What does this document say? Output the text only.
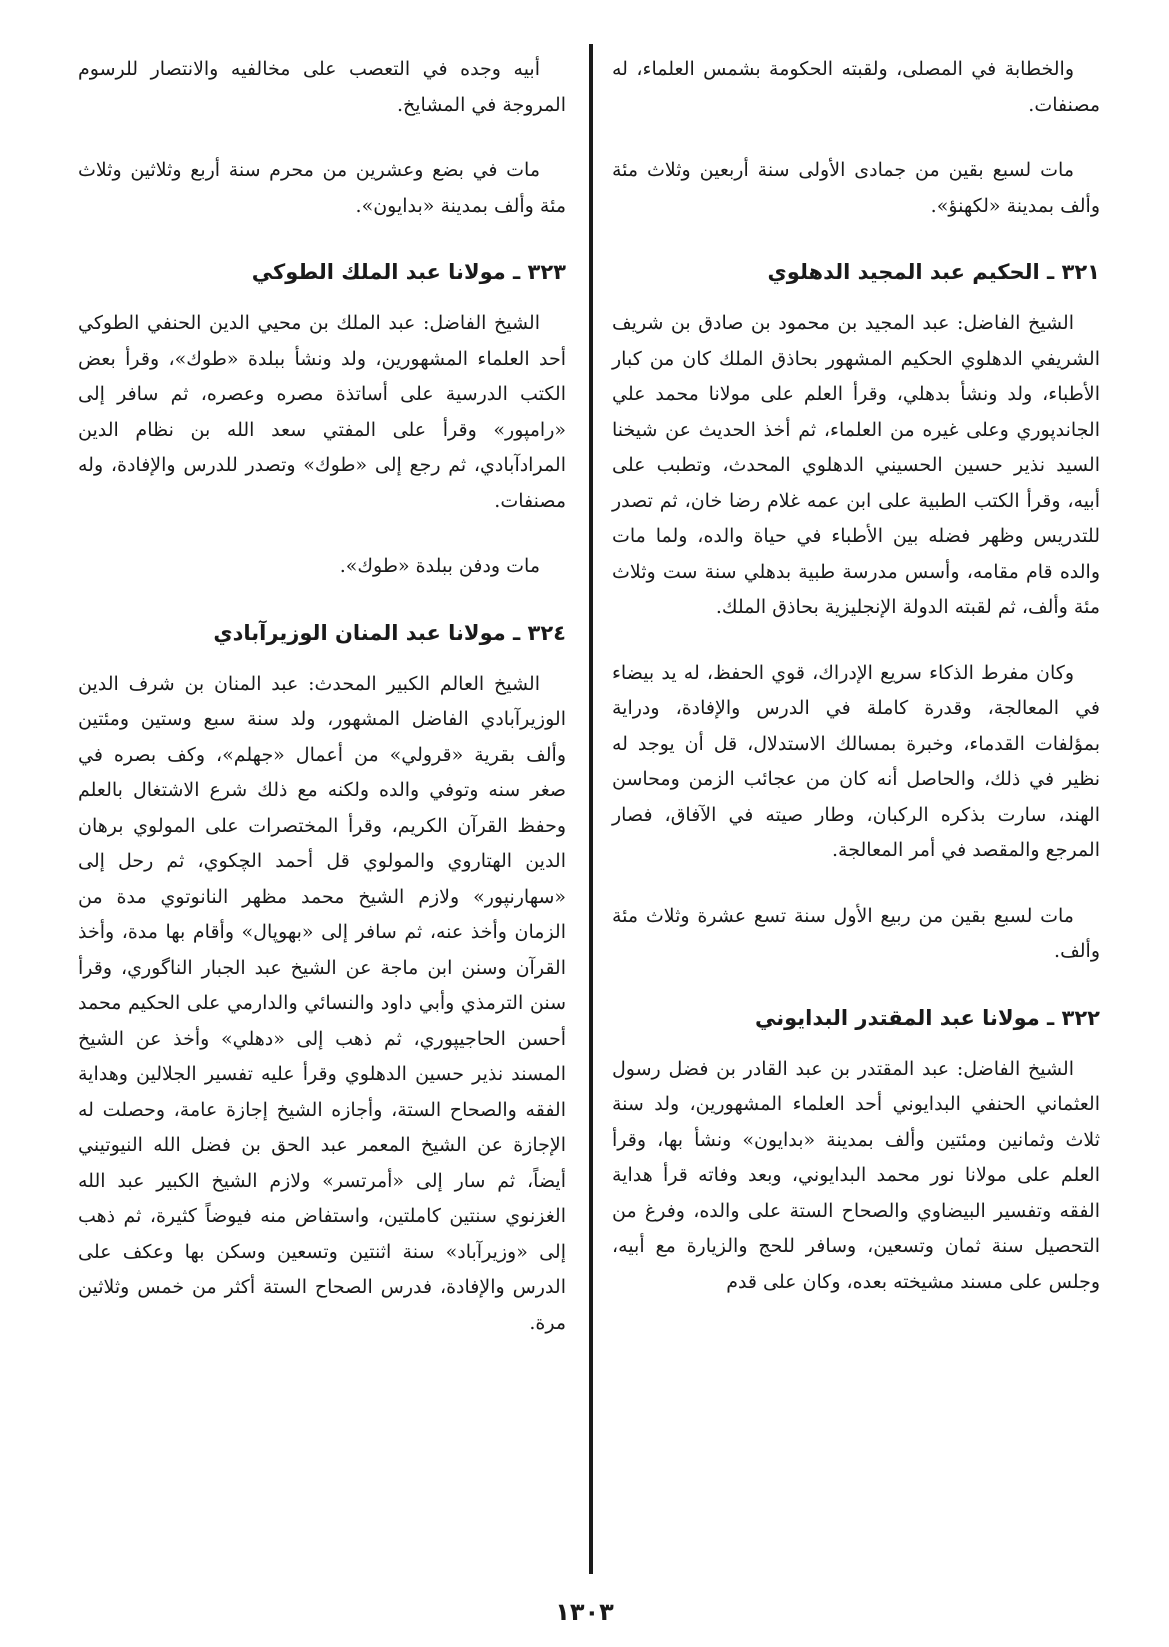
والخطابة في المصلى، ولقبته الحكومة بشمس العلماء، له مصنفات.

مات لسبع بقين من جمادى الأولى سنة أربعين وثلاث مئة وألف بمدينة «لكهنؤ».

٣٢١ ـ الحكيم عبد المجيد الدهلوي

الشيخ الفاضل: عبد المجيد بن محمود بن صادق بن شريف الشريفي الدهلوي الحكيم المشهور بحاذق الملك كان من كبار الأطباء، ولد ونشأ بدهلي، وقرأ العلم على مولانا محمد علي الجاندپوري وعلى غيره من العلماء، ثم أخذ الحديث عن شيخنا السيد نذير حسين الحسيني الدهلوي المحدث، وتطبب على أبيه، وقرأ الكتب الطبية على ابن عمه غلام رضا خان، ثم تصدر للتدريس وظهر فضله بين الأطباء في حياة والده، ولما مات والده قام مقامه، وأسس مدرسة طبية بدهلي سنة ست وثلاث مئة وألف، ثم لقبته الدولة الإنجليزية بحاذق الملك.

وكان مفرط الذكاء سريع الإدراك، قوي الحفظ، له يد بيضاء في المعالجة، وقدرة كاملة في الدرس والإفادة، ودراية بمؤلفات القدماء، وخبرة بمسالك الاستدلال، قل أن يوجد له نظير في ذلك، والحاصل أنه كان من عجائب الزمن ومحاسن الهند، سارت بذكره الركبان، وطار صيته في الآفاق، فصار المرجع والمقصد في أمر المعالجة.

مات لسبع بقين من ربيع الأول سنة تسع عشرة وثلاث مئة وألف.

٣٢٢ ـ مولانا عبد المقتدر البدايوني

الشيخ الفاضل: عبد المقتدر بن عبد القادر بن فضل رسول العثماني الحنفي البدايوني أحد العلماء المشهورين، ولد سنة ثلاث وثمانين ومئتين وألف بمدينة «بدايون» ونشأ بها، وقرأ العلم على مولانا نور محمد البدايوني، وبعد وفاته قرأ هداية الفقه وتفسير البيضاوي والصحاح الستة على والده، وفرغ من التحصيل سنة ثمان وتسعين، وسافر للحج والزيارة مع أبيه، وجلس على مسند مشيخته بعده، وكان على قدم

أبيه وجده في التعصب على مخالفيه والانتصار للرسوم المروجة في المشايخ.

مات في بضع وعشرين من محرم سنة أربع وثلاثين وثلاث مئة وألف بمدينة «بدايون».

٣٢٣ ـ مولانا عبد الملك الطوكي

الشيخ الفاضل: عبد الملك بن محيي الدين الحنفي الطوكي أحد العلماء المشهورين، ولد ونشأ ببلدة «طوك»، وقرأ بعض الكتب الدرسية على أساتذة مصره وعصره، ثم سافر إلى «رامپور» وقرأ على المفتي سعد الله بن نظام الدين المرادآبادي، ثم رجع إلى «طوك» وتصدر للدرس والإفادة، وله مصنفات.

مات ودفن ببلدة «طوك».

٣٢٤ ـ مولانا عبد المنان الوزيرآبادي

الشيخ العالم الكبير المحدث: عبد المنان بن شرف الدين الوزيرآبادي الفاضل المشهور، ولد سنة سبع وستين ومئتين وألف بقرية «قرولي» من أعمال «جهلم»، وكف بصره في صغر سنه وتوفي والده ولكنه مع ذلك شرع الاشتغال بالعلم وحفظ القرآن الكريم، وقرأ المختصرات على المولوي برهان الدين الهتاروي والمولوي قل أحمد الچكوي، ثم رحل إلى «سهارنپور» ولازم الشيخ محمد مظهر النانوتوي مدة من الزمان وأخذ عنه، ثم سافر إلى «بهوپال» وأقام بها مدة، وأخذ القرآن وسنن ابن ماجة عن الشيخ عبد الجبار الناگوري، وقرأ سنن الترمذي وأبي داود والنسائي والدارمي على الحكيم محمد أحسن الحاجيپوري، ثم ذهب إلى «دهلي» وأخذ عن الشيخ المسند نذير حسين الدهلوي وقرأ عليه تفسير الجلالين وهداية الفقه والصحاح الستة، وأجازه الشيخ إجازة عامة، وحصلت له الإجازة عن الشيخ المعمر عبد الحق بن فضل الله النيوتيني أيضاً، ثم سار إلى «أمرتسر» ولازم الشيخ الكبير عبد الله الغزنوي سنتين كاملتين، واستفاض منه فيوضاً كثيرة، ثم ذهب إلى «وزيرآباد» سنة اثنتين وتسعين وسكن بها وعكف على الدرس والإفادة، فدرس الصحاح الستة أكثر من خمس وثلاثين مرة.

١٣٠٣
